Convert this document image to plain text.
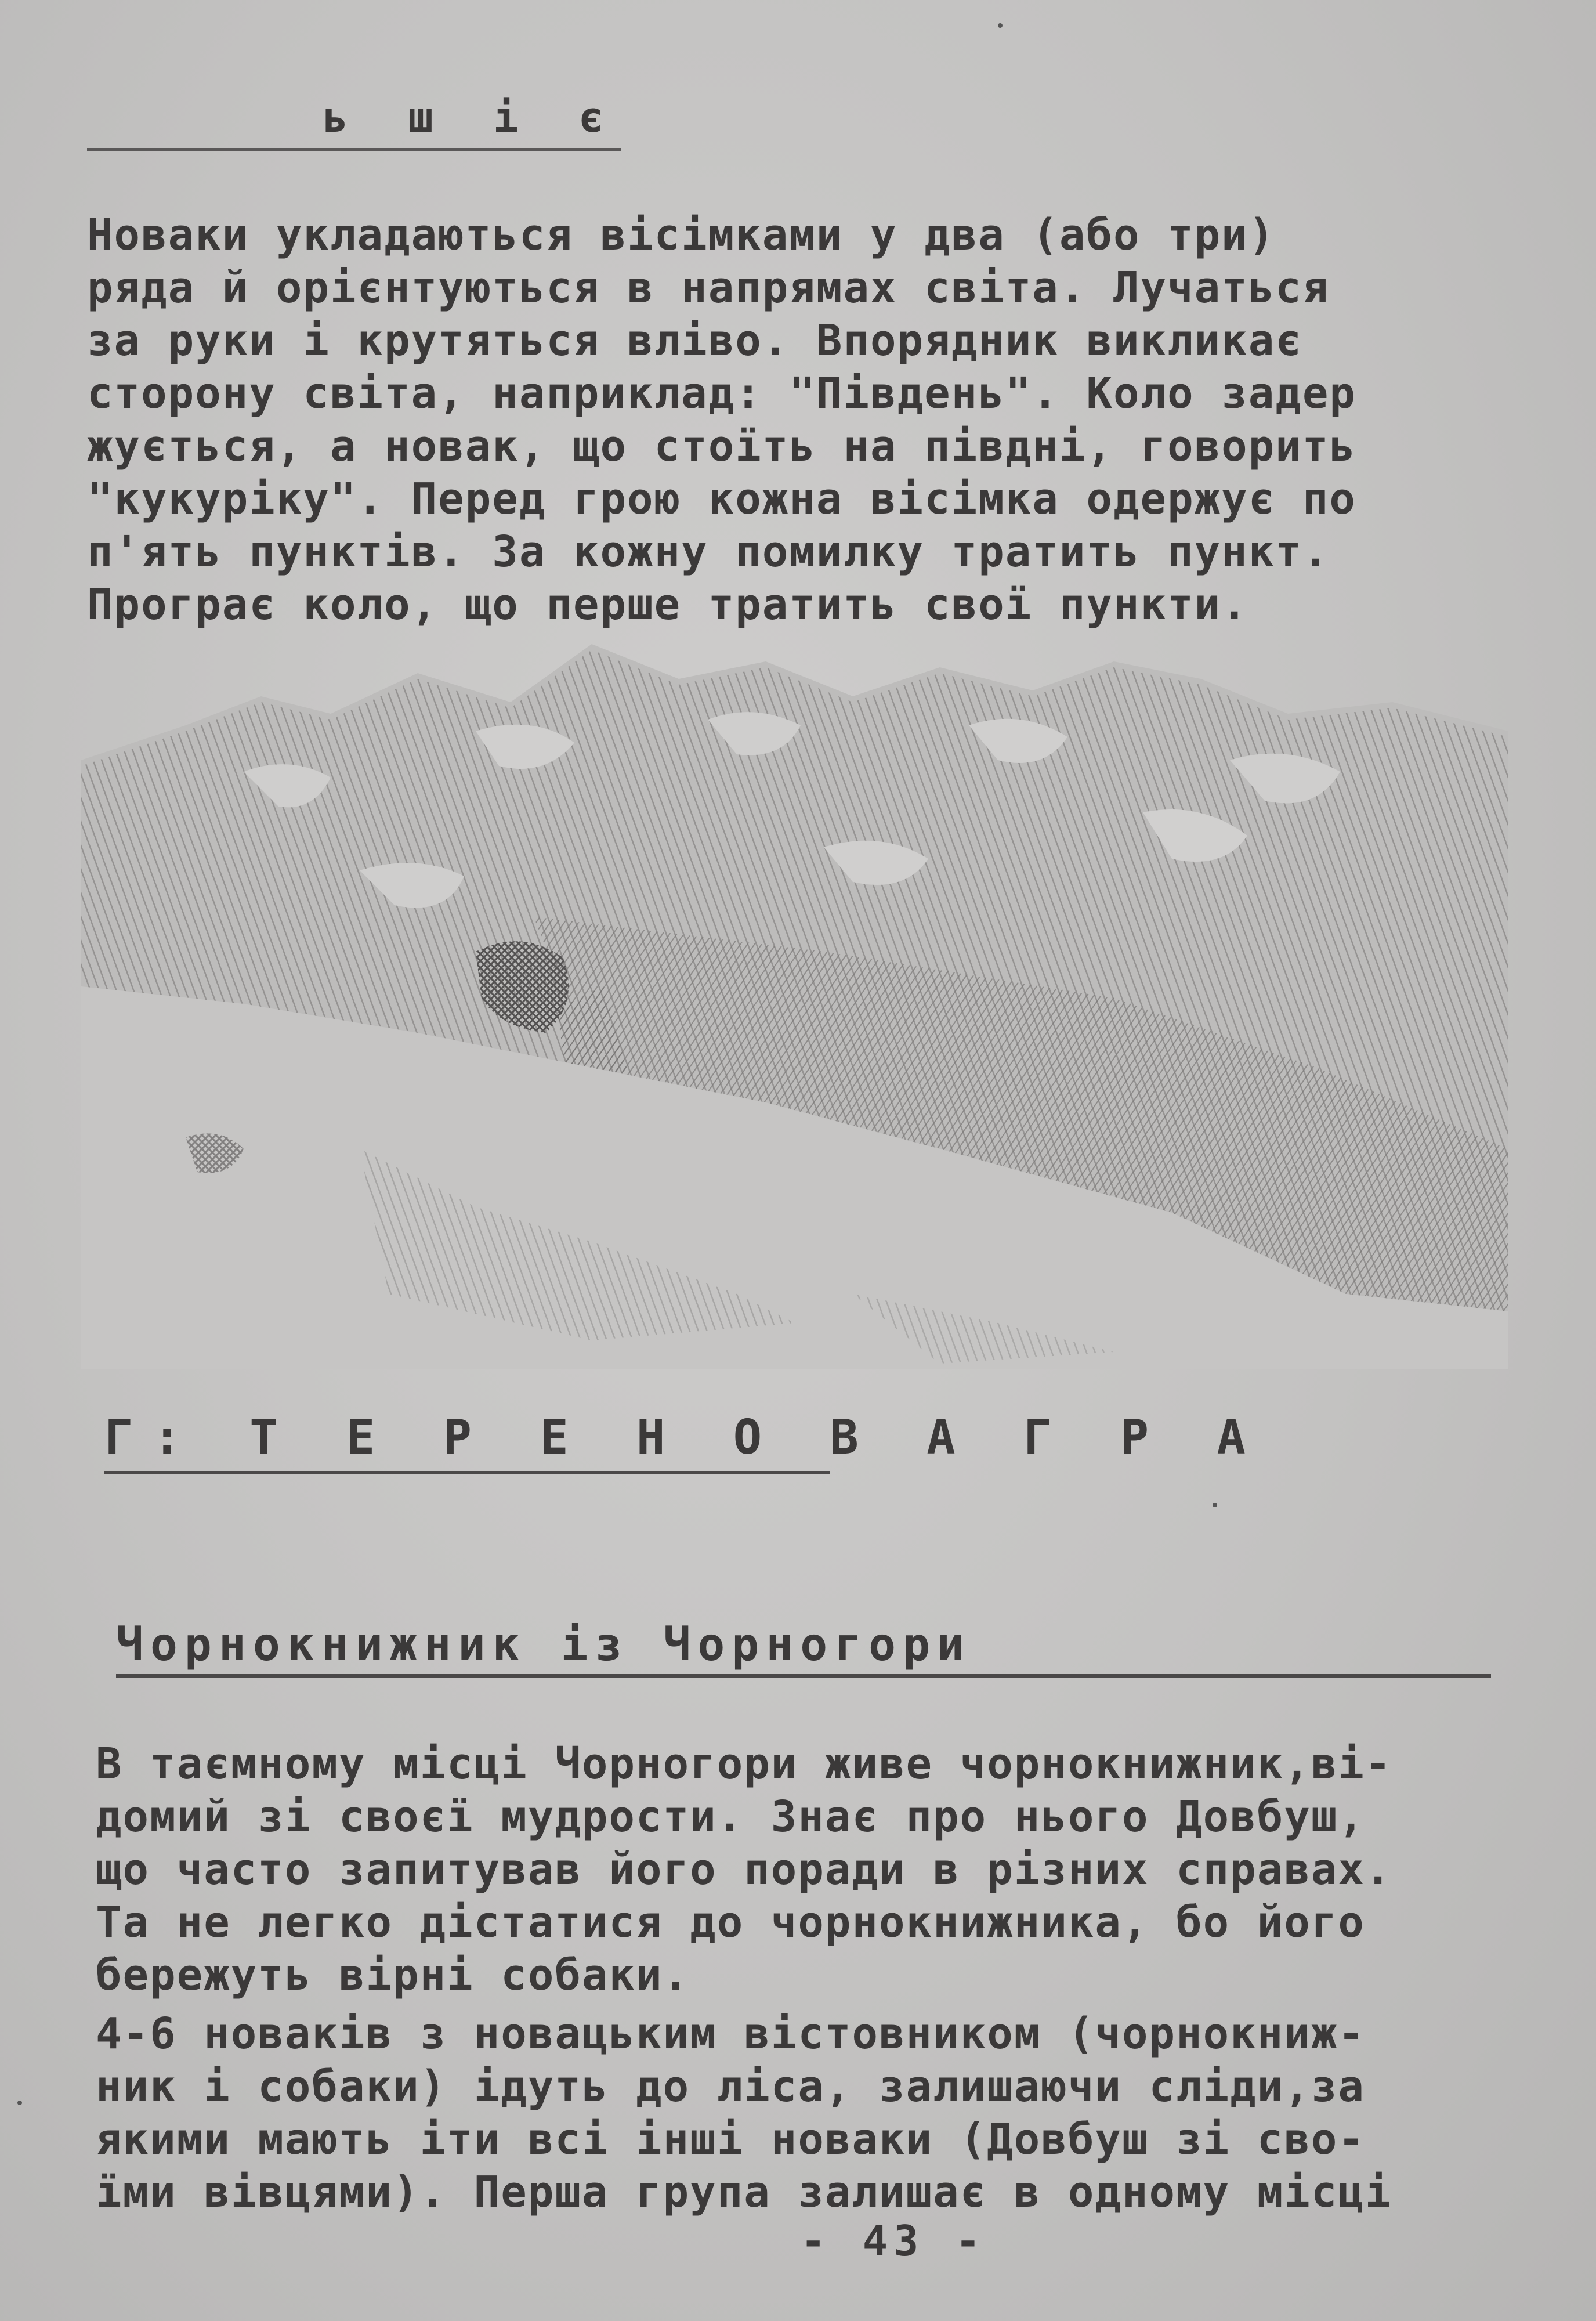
ь ш і є
Новаки укладаються вісімками у два (або три)
ряда й орієнтуються в напрямах світа. Лучаться
за руки і крутяться вліво. Впорядник викликає
сторону світа, наприклад: "Південь". Коло задер
жується, а новак, що стоїть на півдні, говорить
"кукуріку". Перед грою кожна вісімка одержує по
п'ять пунктів. За кожну помилку тратить пункт.
Програє коло, що перше тратить свої пункти.
Г: Т Е Р Е Н О В А Г Р А
Чорнокнижник із Чорногори
В таємному місці Чорногори живе чорнокнижник,ві-
домий зі своєї мудрости. Знає про нього Довбуш,
що часто запитував його поради в різних справах.
Та не легко дістатися до чорнокнижника, бо його
бережуть вірні собаки.
4-6 новаків з новацьким вістовником (чорнокниж-
ник і собаки) ідуть до ліса, залишаючи сліди,за
якими мають іти всі інші новаки (Довбуш зі сво-
їми вівцями). Перша група залишає в одному місці
- 43 -
